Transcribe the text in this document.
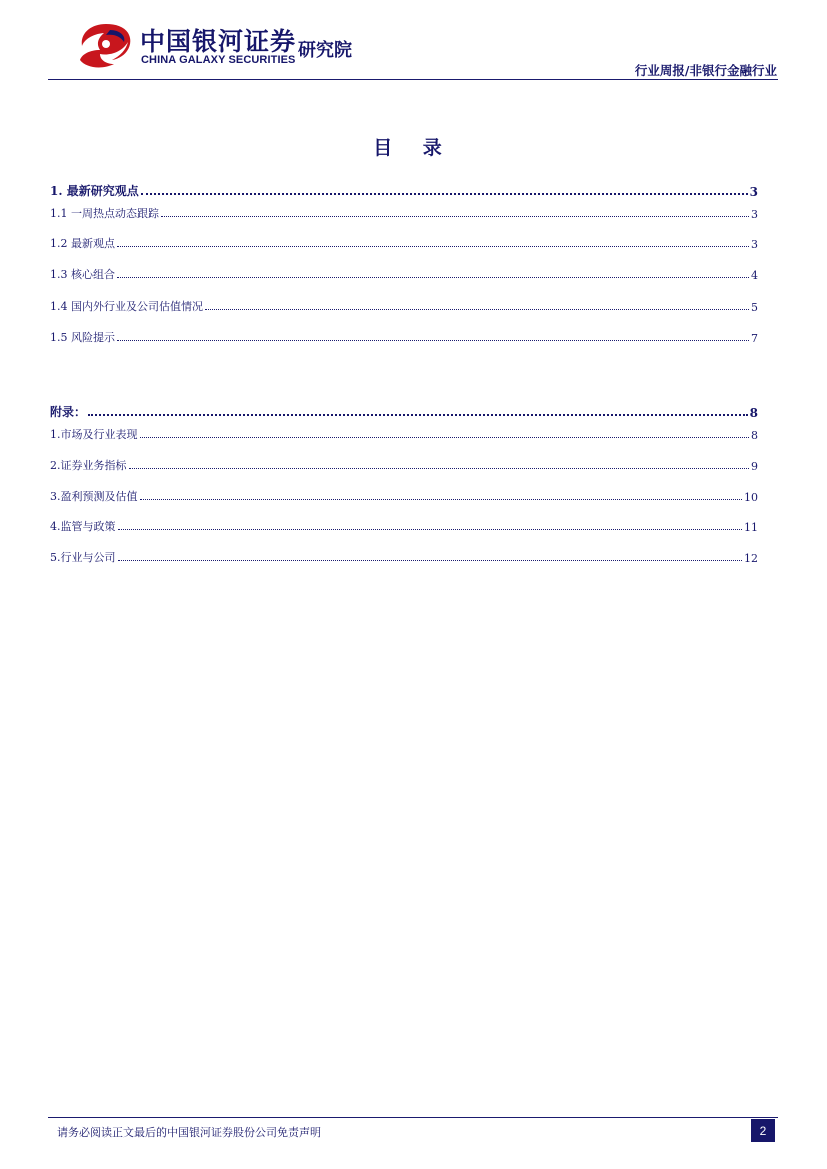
中国银河证券
CHINA GALAXY SECURITIES 研究院
行业周报/非银行金融行业
目 录
1. 最新研究观点	3
1.1 一周热点动态跟踪	3
1.2 最新观点	3
1.3 核心组合	4
1.4 国内外行业及公司估值情况	5
1.5 风险提示	7
附录：	8
1.市场及行业表现	8
2.证券业务指标	9
3.盈利预测及估值	10
4.监管与政策	11
5.行业与公司	12
请务必阅读正文最后的中国银河证券股份公司免责声明	2
